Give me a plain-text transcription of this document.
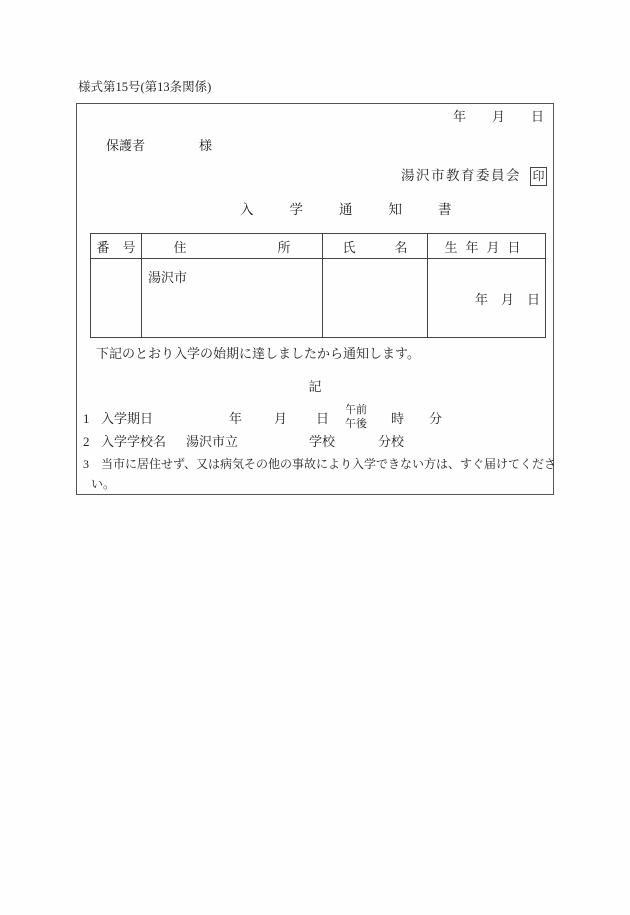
様式第15号(第13条関係)
年　　月　　日
保護者	様
湯沢市教育委員会 印
入学通知書
番　号	住　　　　　　　所	氏　　　名	生年月日
	湯沢市		年　月　日
下記のとおり入学の始期に達しましたから通知します。
記
1 入学期日	年 月 日
午前
午後 時 分
2 入学学校名 湯沢市立	学校	分校
3 当市に居住せず、又は病気その他の事故により入学できない方は、すぐ届けてくださ
い。
